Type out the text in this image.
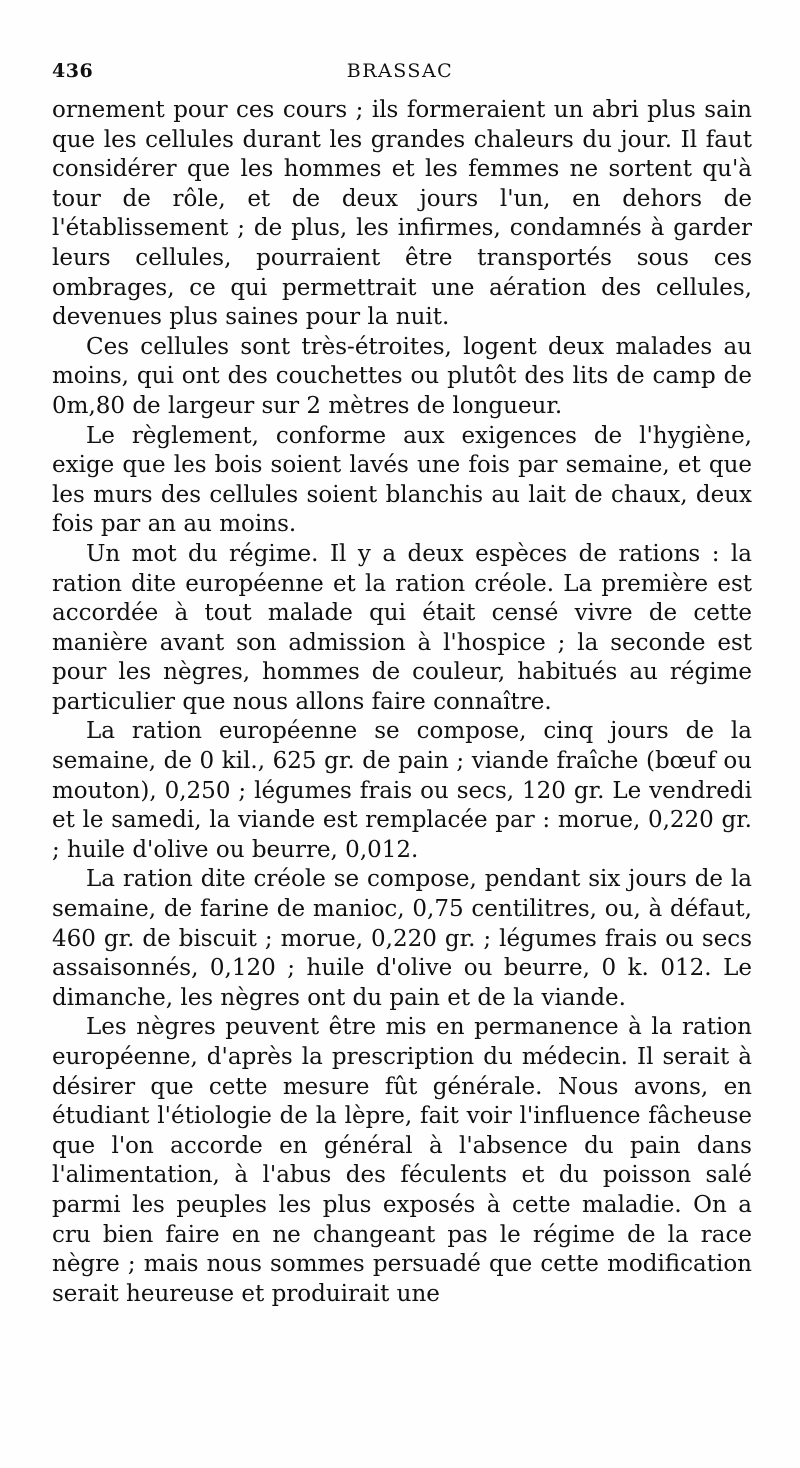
436	BRASSAC

ornement pour ces cours ; ils formeraient un abri plus sain que les cellules durant les grandes chaleurs du jour. Il faut considérer que les hommes et les femmes ne sortent qu'à tour de rôle, et de deux jours l'un, en dehors de l'établissement ; de plus, les infirmes, condamnés à garder leurs cellules, pourraient être transportés sous ces ombrages, ce qui permettrait une aération des cellules, devenues plus saines pour la nuit.

Ces cellules sont très-étroites, logent deux malades au moins, qui ont des couchettes ou plutôt des lits de camp de 0m,80 de largeur sur 2 mètres de longueur.

Le règlement, conforme aux exigences de l'hygiène, exige que les bois soient lavés une fois par semaine, et que les murs des cellules soient blanchis au lait de chaux, deux fois par an au moins.

Un mot du régime. Il y a deux espèces de rations : la ration dite européenne et la ration créole. La première est accordée à tout malade qui était censé vivre de cette manière avant son admission à l'hospice ; la seconde est pour les nègres, hommes de couleur, habitués au régime particulier que nous allons faire connaître.

La ration européenne se compose, cinq jours de la semaine, de 0 kil., 625 gr. de pain ; viande fraîche (bœuf ou mouton), 0,250 ; légumes frais ou secs, 120 gr. Le vendredi et le samedi, la viande est remplacée par : morue, 0,220 gr. ; huile d'olive ou beurre, 0,012.

La ration dite créole se compose, pendant six jours de la semaine, de farine de manioc, 0,75 centilitres, ou, à défaut, 460 gr. de biscuit ; morue, 0,220 gr. ; légumes frais ou secs assaisonnés, 0,120 ; huile d'olive ou beurre, 0 k. 012. Le dimanche, les nègres ont du pain et de la viande.

Les nègres peuvent être mis en permanence à la ration européenne, d'après la prescription du médecin. Il serait à désirer que cette mesure fût générale. Nous avons, en étudiant l'étiologie de la lèpre, fait voir l'influence fâcheuse que l'on accorde en général à l'absence du pain dans l'alimentation, à l'abus des féculents et du poisson salé parmi les peuples les plus exposés à cette maladie. On a cru bien faire en ne changeant pas le régime de la race nègre ; mais nous sommes persuadé que cette modification serait heureuse et produirait une
